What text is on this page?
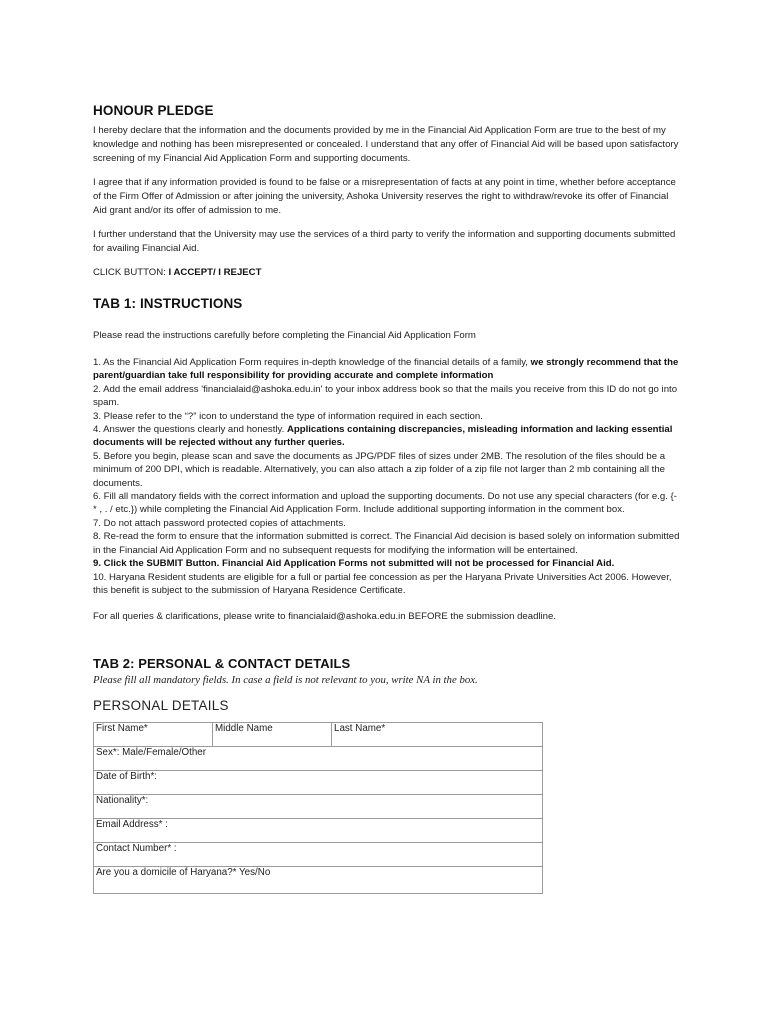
HONOUR PLEDGE

I hereby declare that the information and the documents provided by me in the Financial Aid Application Form are true to the best of my knowledge and nothing has been misrepresented or concealed. I understand that any offer of Financial Aid will be based upon satisfactory screening of my Financial Aid Application Form and supporting documents.

I agree that if any information provided is found to be false or a misrepresentation of facts at any point in time, whether before acceptance of the Firm Offer of Admission or after joining the university, Ashoka University reserves the right to withdraw/revoke its offer of Financial Aid grant and/or its offer of admission to me.

I further understand that the University may use the services of a third party to verify the information and supporting documents submitted for availing Financial Aid.

CLICK BUTTON: I ACCEPT/ I REJECT

TAB 1: INSTRUCTIONS

Please read the instructions carefully before completing the Financial Aid Application Form

1. As the Financial Aid Application Form requires in-depth knowledge of the financial details of a family, we strongly recommend that the parent/guardian take full responsibility for providing accurate and complete information

2. Add the email address 'financialaid@ashoka.edu.in' to your inbox address book so that the mails you receive from this ID do not go into spam.

3. Please refer to the “?” icon to understand the type of information required in each section.

4. Answer the questions clearly and honestly. Applications containing discrepancies, misleading information and lacking essential documents will be rejected without any further queries.

5. Before you begin, please scan and save the documents as JPG/PDF files of sizes under 2MB. The resolution of the files should be a minimum of 200 DPI, which is readable. Alternatively, you can also attach a zip folder of a zip file not larger than 2 mb containing all the documents.

6. Fill all mandatory fields with the correct information and upload the supporting documents. Do not use any special characters (for e.g. {- * , . / etc.}) while completing the Financial Aid Application Form. Include additional supporting information in the comment box.

7. Do not attach password protected copies of attachments.

8. Re-read the form to ensure that the information submitted is correct. The Financial Aid decision is based solely on information submitted in the Financial Aid Application Form and no subsequent requests for modifying the information will be entertained.

9. Click the SUBMIT Button. Financial Aid Application Forms not submitted will not be processed for Financial Aid.

10. Haryana Resident students are eligible for a full or partial fee concession as per the Haryana Private Universities Act 2006. However, this benefit is subject to the submission of Haryana Residence Certificate.

For all queries & clarifications, please write to financialaid@ashoka.edu.in BEFORE the submission deadline.

TAB 2: PERSONAL & CONTACT DETAILS

Please fill all mandatory fields. In case a field is not relevant to you, write NA in the box.

PERSONAL DETAILS

First Name*	Middle Name	Last Name*
Sex*: Male/Female/Other
Date of Birth*:
Nationality*:
Email Address* :
Contact Number* :
Are you a domicile of Haryana?* Yes/No
